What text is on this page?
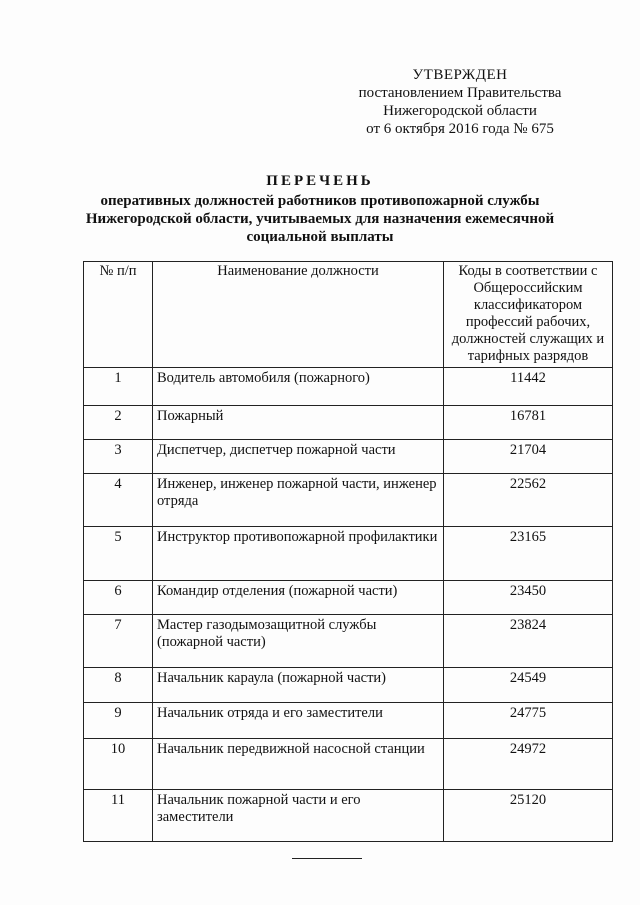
УТВЕРЖДЕН
постановлением Правительства
Нижегородской области
от 6 октября 2016 года № 675
ПЕРЕЧЕНЬ
оперативных должностей работников противопожарной службы
Нижегородской области, учитываемых для назначения ежемесячной
социальной выплаты
№ п/п	Наименование должности	Коды в соответствии с Общероссийским классификатором профессий рабочих, должностей служащих и тарифных разрядов
1	Водитель автомобиля (пожарного)	11442
2	Пожарный	16781
3	Диспетчер, диспетчер пожарной части	21704
4	Инженер, инженер пожарной части, инженер отряда	22562
5	Инструктор противопожарной профилактики	23165
6	Командир отделения (пожарной части)	23450
7	Мастер газодымозащитной службы (пожарной части)	23824
8	Начальник караула (пожарной части)	24549
9	Начальник отряда и его заместители	24775
10	Начальник передвижной насосной станции	24972
11	Начальник пожарной части и его заместители	25120
